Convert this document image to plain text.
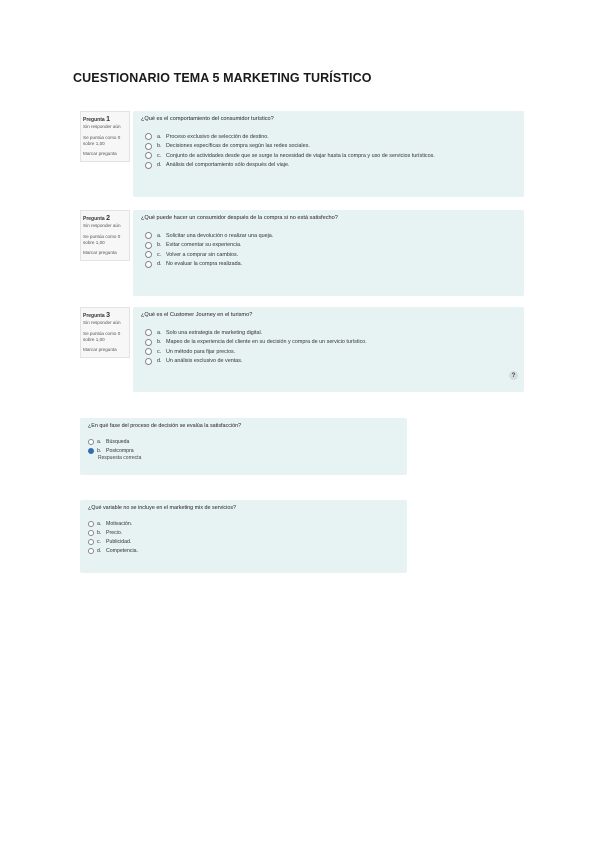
CUESTIONARIO TEMA 5 MARKETING TURÍSTICO
Pregunta 1
Sin responder aún
Se puntúa como 0 sobre 1,00
Marcar pregunta

¿Qué es el comportamiento del consumidor turístico?

a. Proceso exclusivo de selección de destino.
b. Decisiones específicas de compra según las redes sociales.
c. Conjunto de actividades desde que se surge la necesidad de viajar hasta la compra y uso de servicios turísticos.
d. Análisis del comportamiento sólo después del viaje.
Pregunta 2
Sin responder aún
Se puntúa como 0 sobre 1,00
Marcar pregunta

¿Qué puede hacer un consumidor después de la compra si no está satisfecho?

a. Solicitar una devolución o realizar una queja.
b. Evitar comentar su experiencia.
c. Volver a comprar sin cambios.
d. No evaluar la compra realizada.
Pregunta 3
Sin responder aún
Se puntúa como 0 sobre 1,00
Marcar pregunta

¿Qué es el Customer Journey en el turismo?

a. Solo una estrategia de marketing digital.
b. Mapeo de la experiencia del cliente en su decisión y compra de un servicio turístico.
c. Un método para fijar precios.
d. Un análisis exclusivo de ventas.
?

¿En qué fase del proceso de decisión se evalúa la satisfacción?

a. Búsqueda
b. Postcompra
Respuesta correcta

¿Qué variable no se incluye en el marketing mix de servicios?

a. Motivación.
b. Precio.
c. Publicidad.
d. Competencia.
